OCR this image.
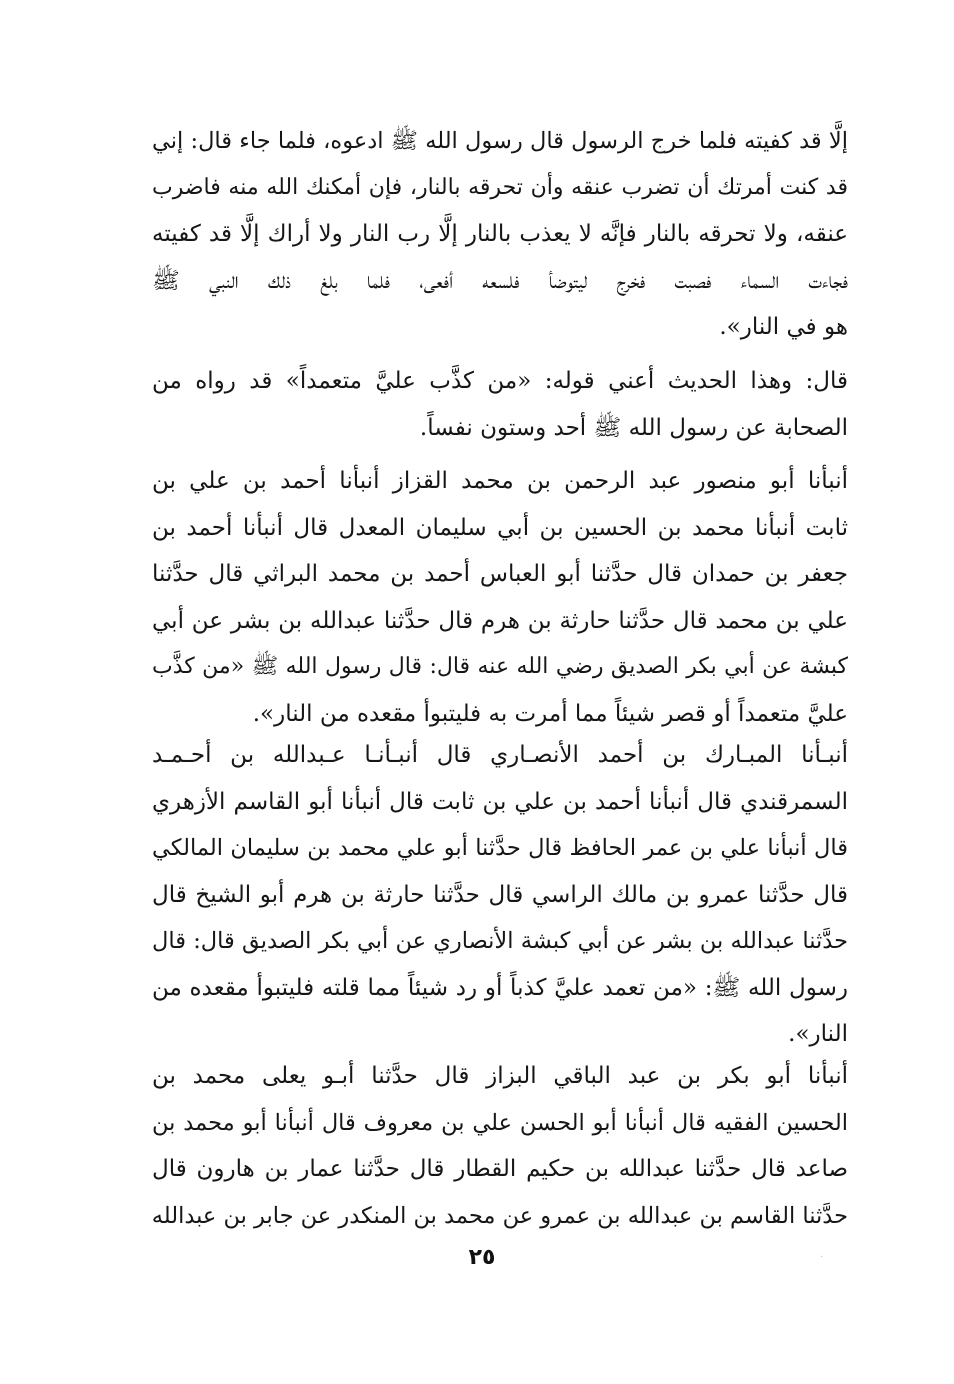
إلَّا قد كفيته فلما خرج الرسول قال رسول الله ﷺ ادعوه، فلما جاء قال: إني
قد كنت أمرتك أن تضرب عنقه وأن تحرقه بالنار، فإن أمكنك الله منه فاضرب
عنقه، ولا تحرقه بالنار فإنَّه لا يعذب بالنار إلَّا رب النار ولا أراك إلَّا قد كفيته
فجاءت السماء فصبت فخرج ليتوضأ فلسعه أفعى، فلما بلغ ذلك النبي ﷺ
هو في النار».
قال: وهذا الحديث أعني قوله: «من كذَّب عليَّ متعمداً» قد رواه من
الصحابة عن رسول الله ﷺ أحد وستون نفساً.
أنبأنا أبو منصور عبد الرحمن بن محمد القزاز أنبأنا أحمد بن علي بن
ثابت أنبأنا محمد بن الحسين بن أبي سليمان المعدل قال أنبأنا أحمد بن
جعفر بن حمدان قال حدَّثنا أبو العباس أحمد بن محمد البراثي قال حدَّثنا
علي بن محمد قال حدَّثنا حارثة بن هرم قال حدَّثنا عبدالله بن بشر عن أبي
كبشة عن أبي بكر الصديق رضي الله عنه قال: قال رسول الله ﷺ «من كذَّب
عليَّ متعمداً أو قصر شيئاً مما أمرت به فليتبوأ مقعده من النار».
أنبـأنا المبـارك بن أحمد الأنصـاري قال أنبـأنـا عـبدالله بن أحـمـد
السمرقندي قال أنبأنا أحمد بن علي بن ثابت قال أنبأنا أبو القاسم الأزهري
قال أنبأنا علي بن عمر الحافظ قال حدَّثنا أبو علي محمد بن سليمان المالكي
قال حدَّثنا عمرو بن مالك الراسي قال حدَّثنا حارثة بن هرم أبو الشيخ قال
حدَّثنا عبدالله بن بشر عن أبي كبشة الأنصاري عن أبي بكر الصديق قال: قال
رسول الله ﷺ: «من تعمد عليَّ كذباً أو رد شيئاً مما قلته فليتبوأ مقعده من
النار».
أنبأنا أبو بكر بن عبد الباقي البزاز قال حدَّثنا أبـو يعلى محمد بن
الحسين الفقيه قال أنبأنا أبو الحسن علي بن معروف قال أنبأنا أبو محمد بن
صاعد قال حدَّثنا عبدالله بن حكيم القطار قال حدَّثنا عمار بن هارون قال
حدَّثنا القاسم بن عبدالله بن عمرو عن محمد بن المنكدر عن جابر بن عبدالله
٢٥	·
